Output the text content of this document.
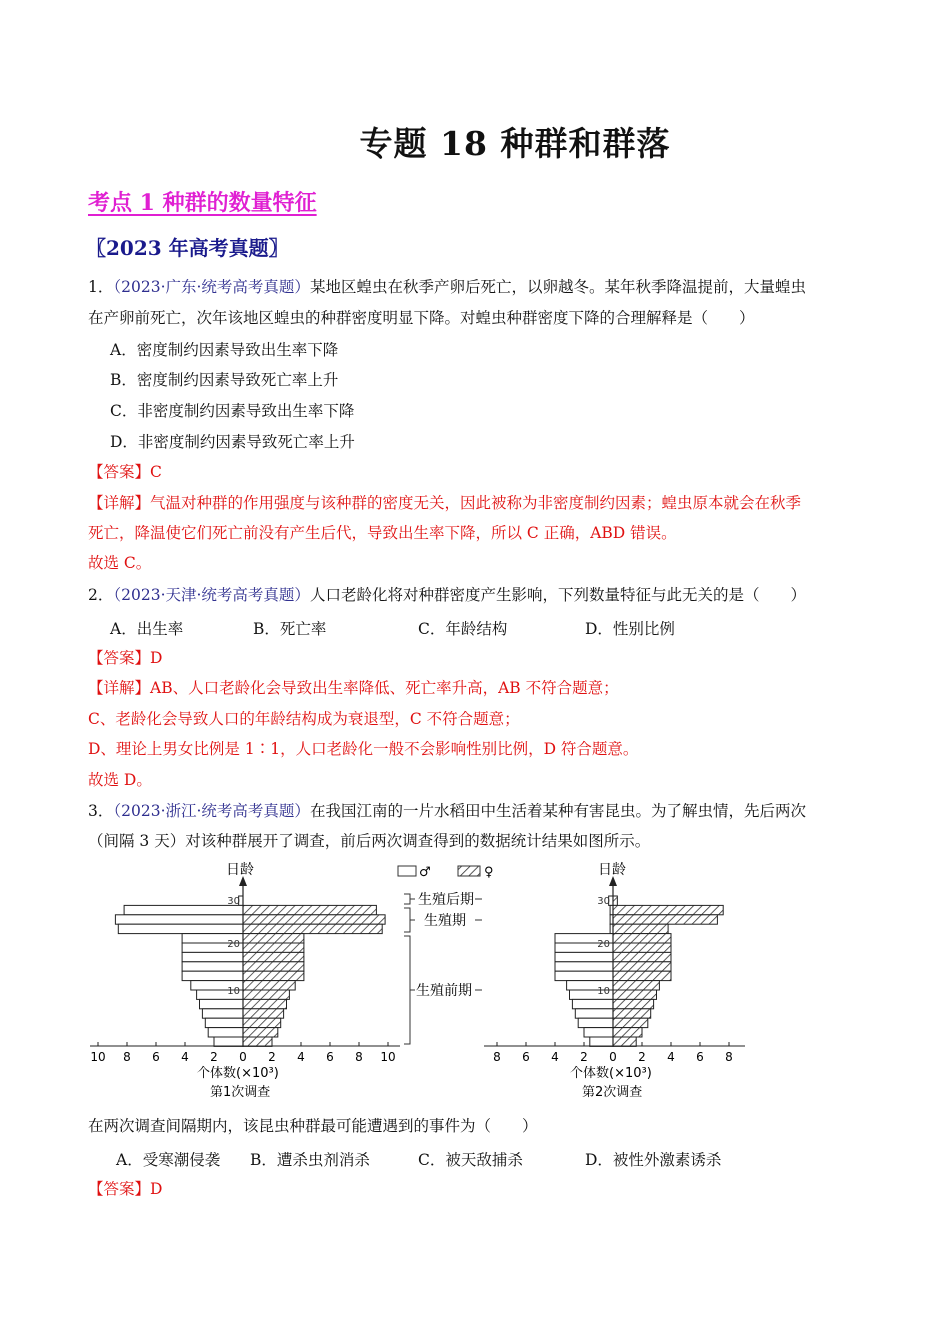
专题 18 种群和群落
考点 1 种群的数量特征
〖2023 年高考真题〗
1．（2023·广东·统考高考真题）某地区蝗虫在秋季产卵后死亡，以卵越冬。某年秋季降温提前，大量蝗虫
在产卵前死亡，次年该地区蝗虫的种群密度明显下降。对蝗虫种群密度下降的合理解释是（　　）
A．密度制约因素导致出生率下降
B．密度制约因素导致死亡率上升
C．非密度制约因素导致出生率下降
D．非密度制约因素导致死亡率上升
【答案】C
【详解】气温对种群的作用强度与该种群的密度无关，因此被称为非密度制约因素；蝗虫原本就会在秋季
死亡，降温使它们死亡前没有产生后代，导致出生率下降，所以 C 正确，ABD 错误。
故选 C。
2．（2023·天津·统考高考真题）人口老龄化将对种群密度产生影响，下列数量特征与此无关的是（　　）
A．出生率	B．死亡率	C．年龄结构	D．性别比例
【答案】D
【详解】AB、人口老龄化会导致出生率降低、死亡率升高，AB 不符合题意；
C、老龄化会导致人口的年龄结构成为衰退型，C 不符合题意；
D、理论上男女比例是 1∶1，人口老龄化一般不会影响性别比例，D 符合题意。
故选 D。
3．（2023·浙江·统考高考真题）在我国江南的一片水稻田中生活着某种有害昆虫。为了解虫情，先后两次
（间隔 3 天）对该种群展开了调查，前后两次调查得到的数据统计结果如图所示。
10 8 6 4 2 0 2 4 6 8 10
30
20
10
8 6 4 2 0 2 4 6 8
30
20
10
♂	♀
生殖后期
生殖期
生殖前期
日龄	日龄
个体数(×10³)	个体数(×10³)
第1次调查	第2次调查
在两次调查间隔期内，该昆虫种群最可能遭遇到的事件为（　　）
A．受寒潮侵袭 B．遭杀虫剂消杀	C．被天敌捕杀	D．被性外激素诱杀
【答案】D
